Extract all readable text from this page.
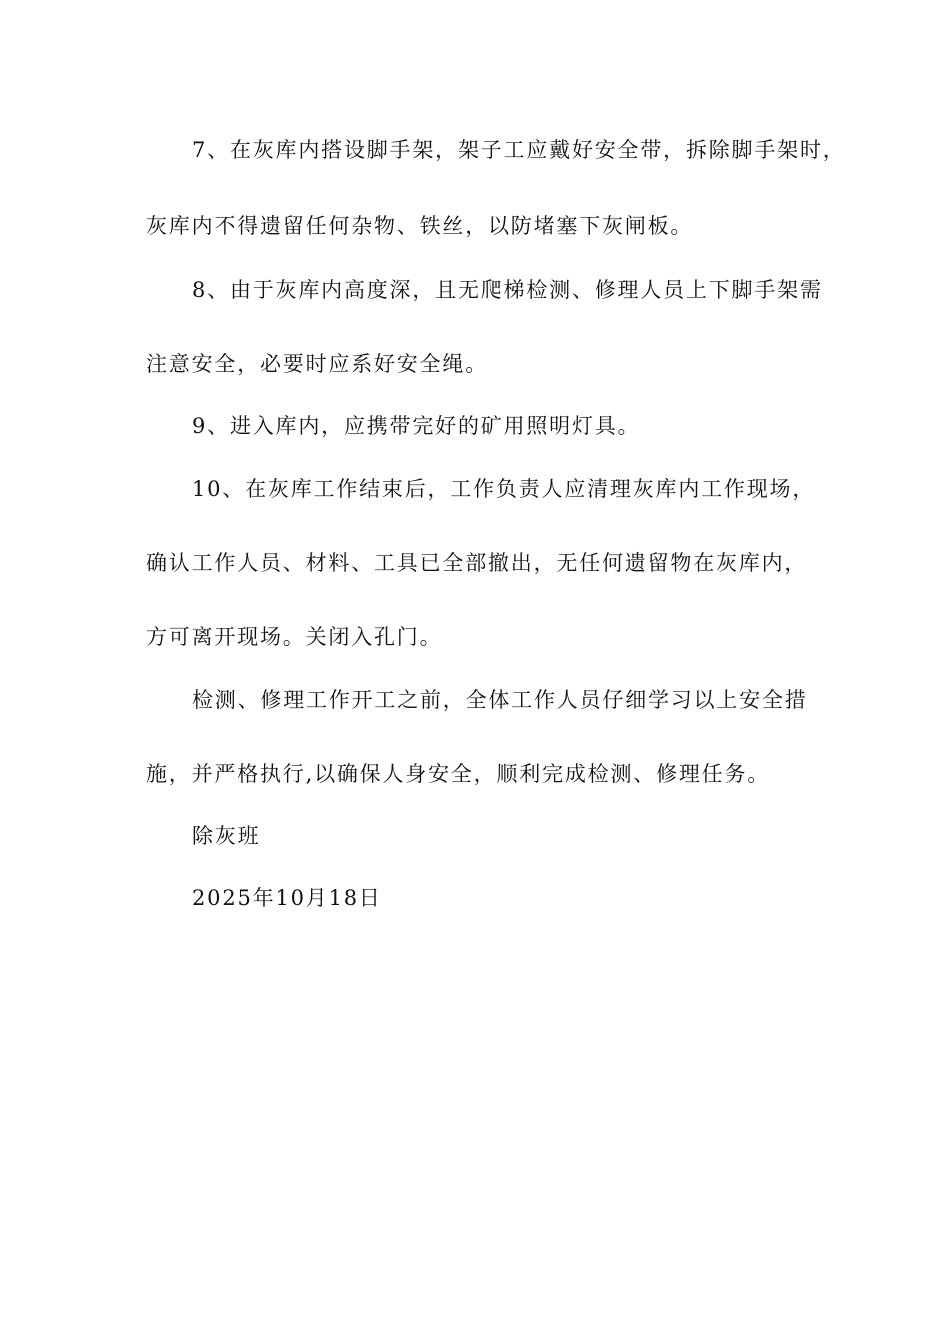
7、在灰库内搭设脚手架，架子工应戴好安全带，拆除脚手架时，
灰库内不得遗留任何杂物、铁丝，以防堵塞下灰闸板。
8、由于灰库内高度深，且无爬梯检测、修理人员上下脚手架需
注意安全，必要时应系好安全绳。
9、进入库内，应携带完好的矿用照明灯具。
10、在灰库工作结束后，工作负责人应清理灰库内工作现场，
确认工作人员、材料、工具已全部撤出，无任何遗留物在灰库内，
方可离开现场。关闭入孔门。
检测、修理工作开工之前，全体工作人员仔细学习以上安全措
施，并严格执行,以确保人身安全，顺利完成检测、修理任务。
除灰班
2025年10月18日
